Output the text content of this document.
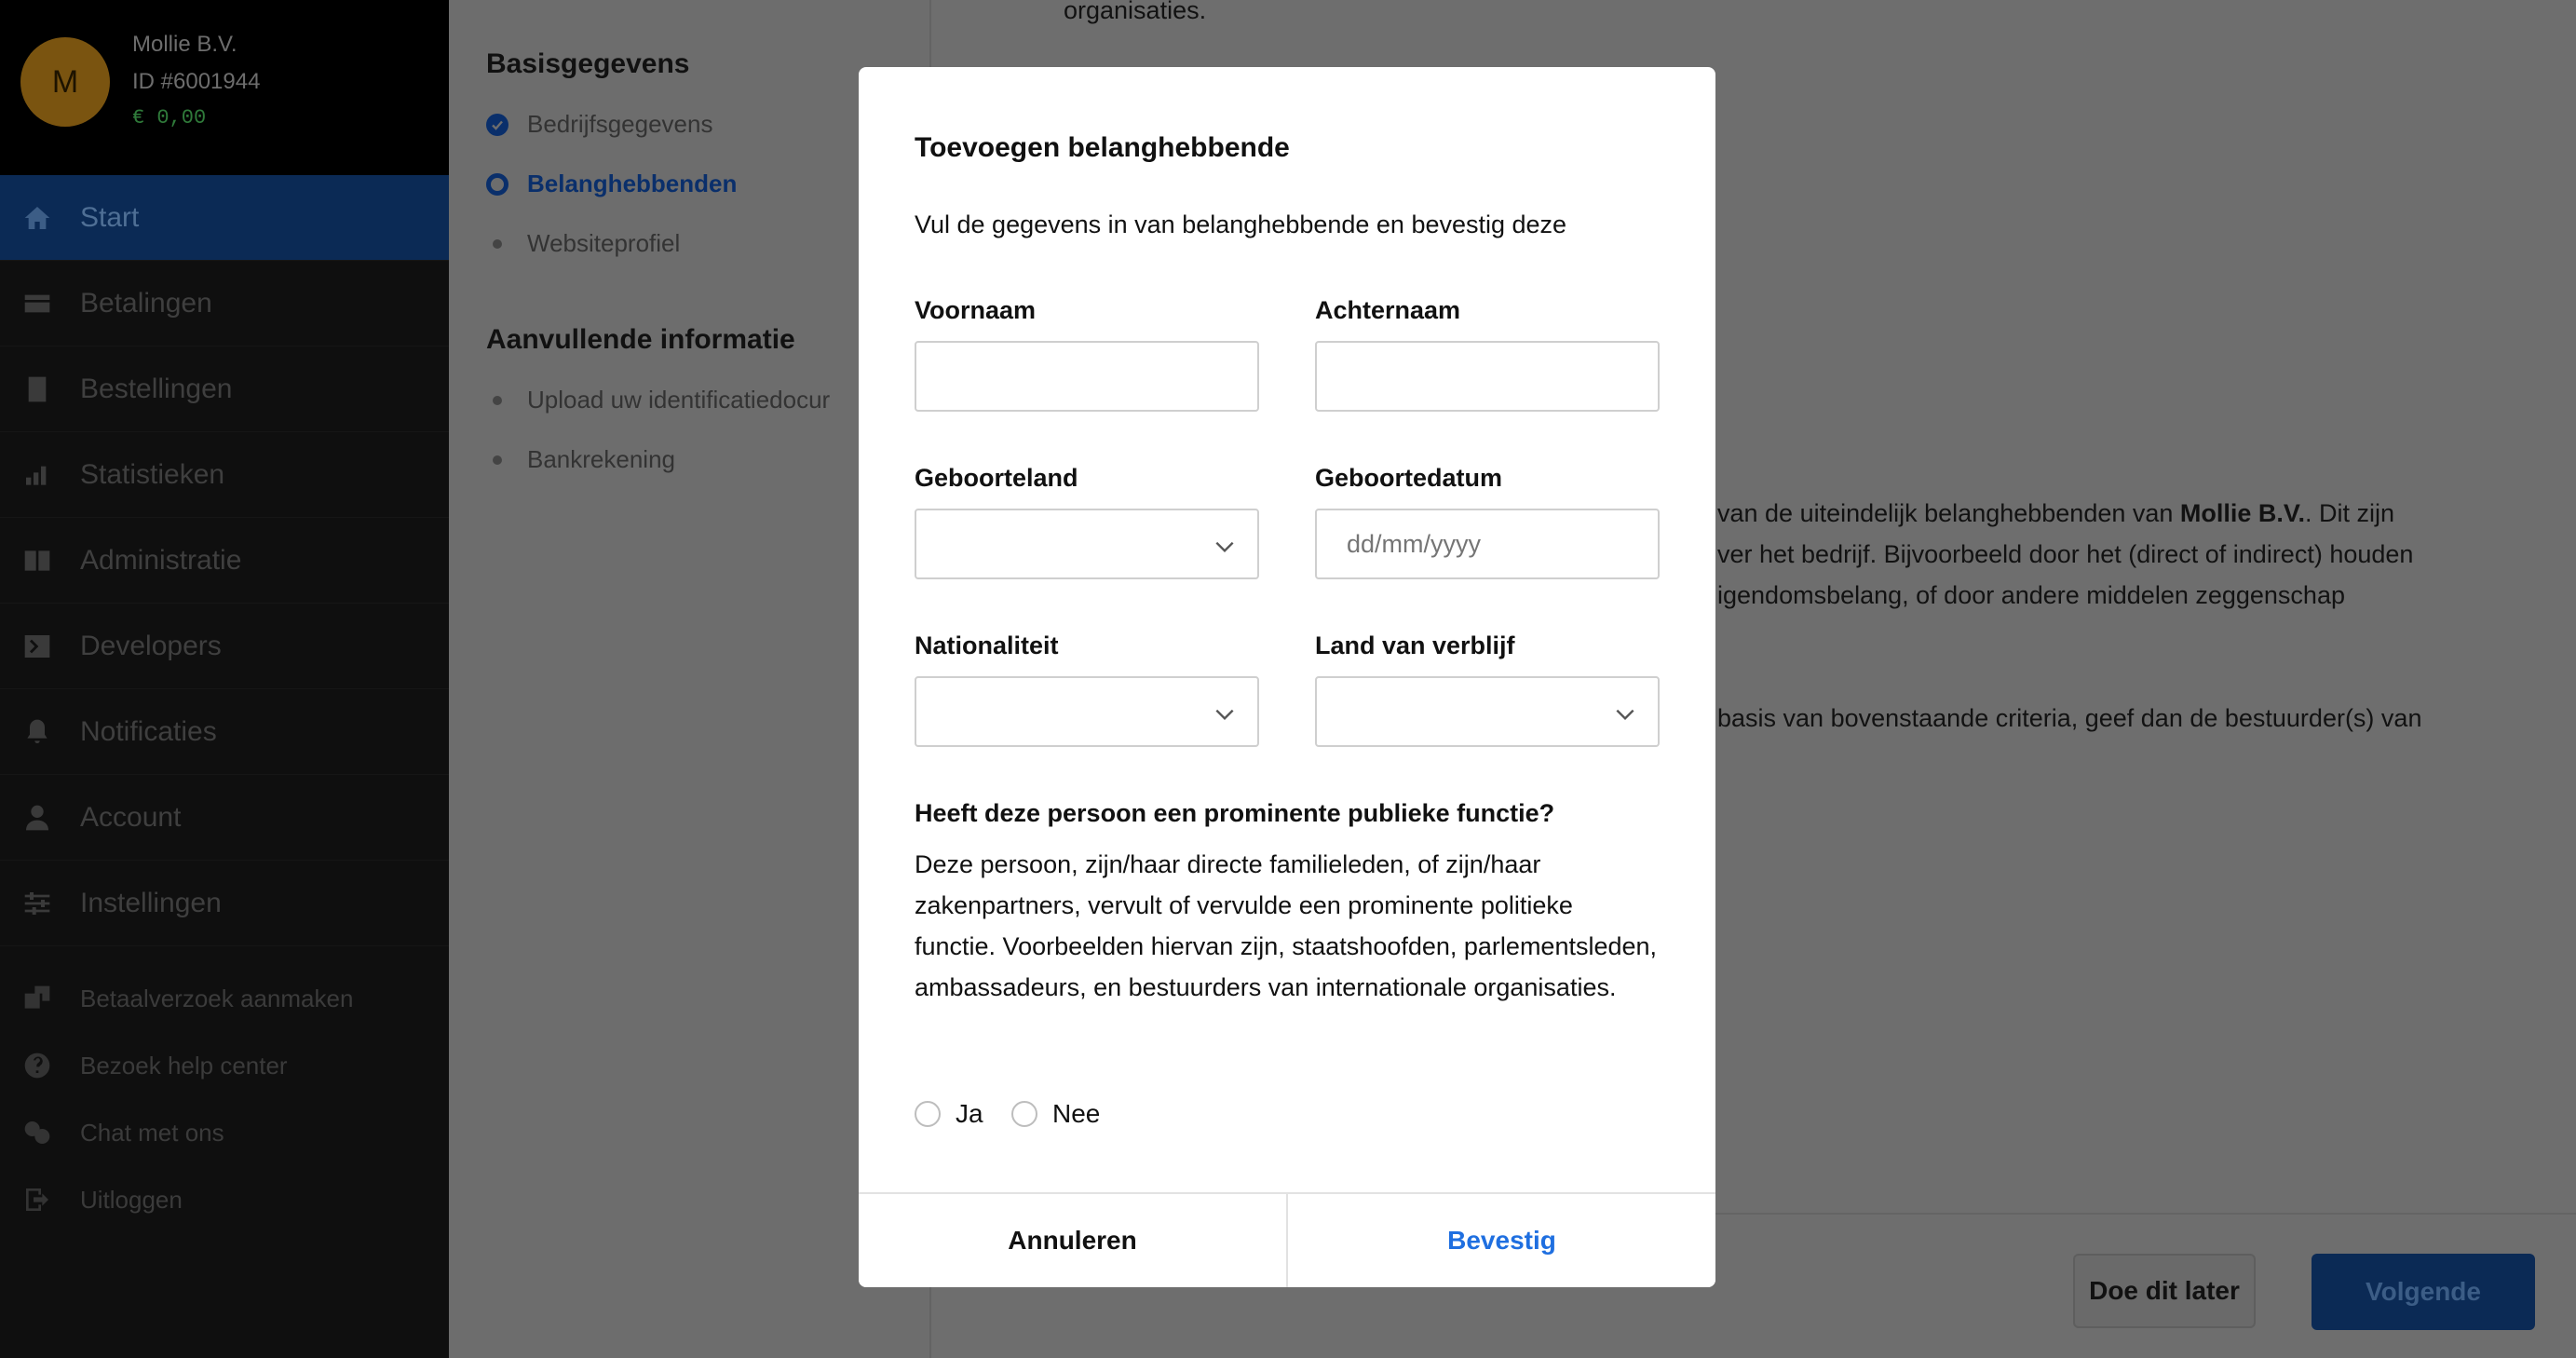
M
Mollie B.V.
ID #6001944
€ 0,00
Start
Betalingen
Bestellingen
Statistieken
Administratie
Developers
Notificaties
Account
Instellingen
Betaalverzoek aanmaken
Bezoek help center
Chat met ons
Uitloggen
Basisgegevens
Bedrijfsgegevens
Belanghebbenden
Websiteprofiel
Aanvullende informatie
Upload uw identificatiedocur
Bankrekening
organisaties.
van de uiteindelijk belanghebbenden van Mollie B.V.. Dit zijn
ver het bedrijf. Bijvoorbeeld door het (direct of indirect) houden
igendomsbelang, of door andere middelen zeggenschap
basis van bovenstaande criteria, geef dan de bestuurder(s) van
Doe dit later	Volgende
Toevoegen belanghebbende
Vul de gegevens in van belanghebbende en bevestig deze
Voornaam	Achternaam
Geboorteland	Geboortedatum
dd/mm/yyyy
Nationaliteit	Land van verblijf
Heeft deze persoon een prominente publieke functie?
Deze persoon, zijn/haar directe familieleden, of zijn/haar zakenpartners, vervult of vervulde een prominente politieke functie. Voorbeelden hiervan zijn, staatshoofden, parlementsleden, ambassadeurs, en bestuurders van internationale organisaties.
Ja	Nee
Annuleren	Bevestig
